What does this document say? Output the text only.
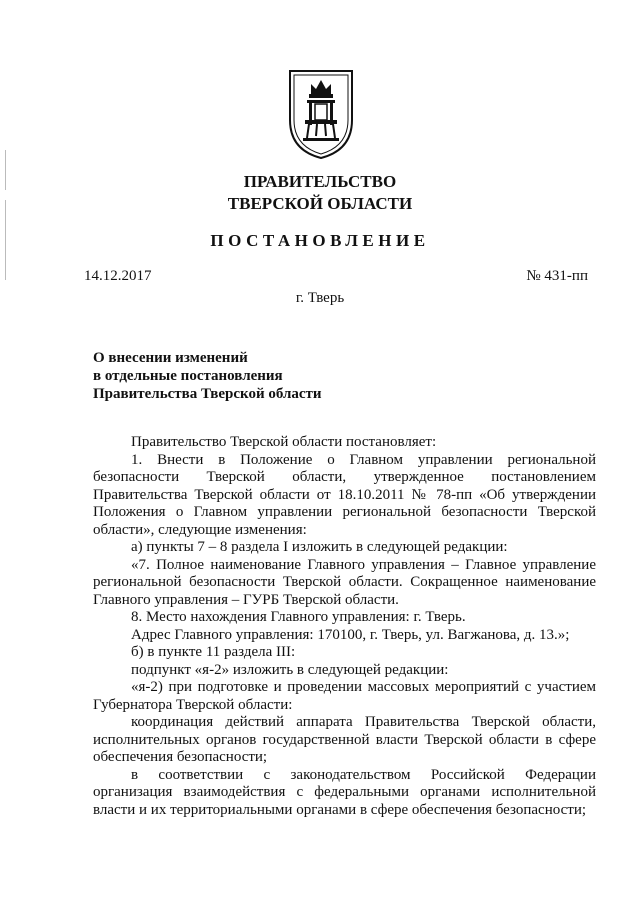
ПРАВИТЕЛЬСТВО
ТВЕРСКОЙ ОБЛАСТИ
ПОСТАНОВЛЕНИЕ
14.12.2017	№ 431-пп
г. Тверь
О внесении изменений
в отдельные постановления
Правительства Тверской области

Правительство Тверской области постановляет:

1. Внести в Положение о Главном управлении региональной безопасности Тверской области, утвержденное постановлением Правительства Тверской области от 18.10.2011 № 78-пп «Об утверждении Положения о Главном управлении региональной безопасности Тверской области», следующие изменения:

а) пункты 7 – 8 раздела I изложить в следующей редакции:

«7. Полное наименование Главного управления – Главное управление региональной безопасности Тверской области. Сокращенное наименование Главного управления – ГУРБ Тверской области.

8. Место нахождения Главного управления: г. Тверь.

Адрес Главного управления: 170100, г. Тверь, ул. Вагжанова, д. 13.»;

б) в пункте 11 раздела III:

подпункт «я-2» изложить в следующей редакции:

«я-2) при подготовке и проведении массовых мероприятий с участием Губернатора Тверской области:

координация действий аппарата Правительства Тверской области, исполнительных органов государственной власти Тверской области в сфере обеспечения безопасности;

в соответствии с законодательством Российской Федерации организация взаимодействия с федеральными органами исполнительной власти и их территориальными органами в сфере обеспечения безопасности;
